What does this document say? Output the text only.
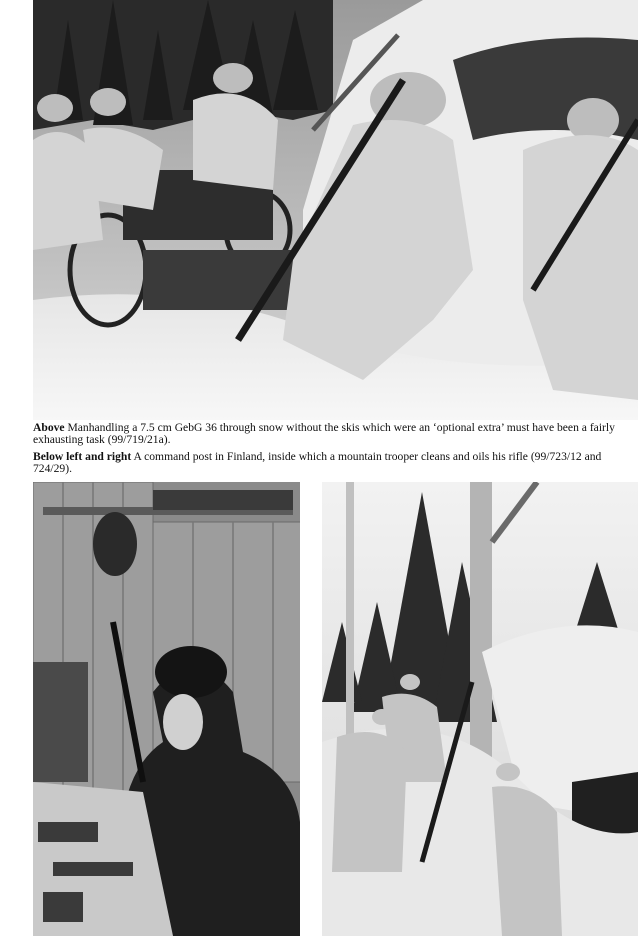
Above Manhandling a 7.5 cm GebG 36 through snow without the skis which were an ‘optional extra’ must have been a fairly exhausting task (99/719/21a).
Below left and right A command post in Finland, inside which a mountain trooper cleans and oils his rifle (99/723/12 and 724/29).
